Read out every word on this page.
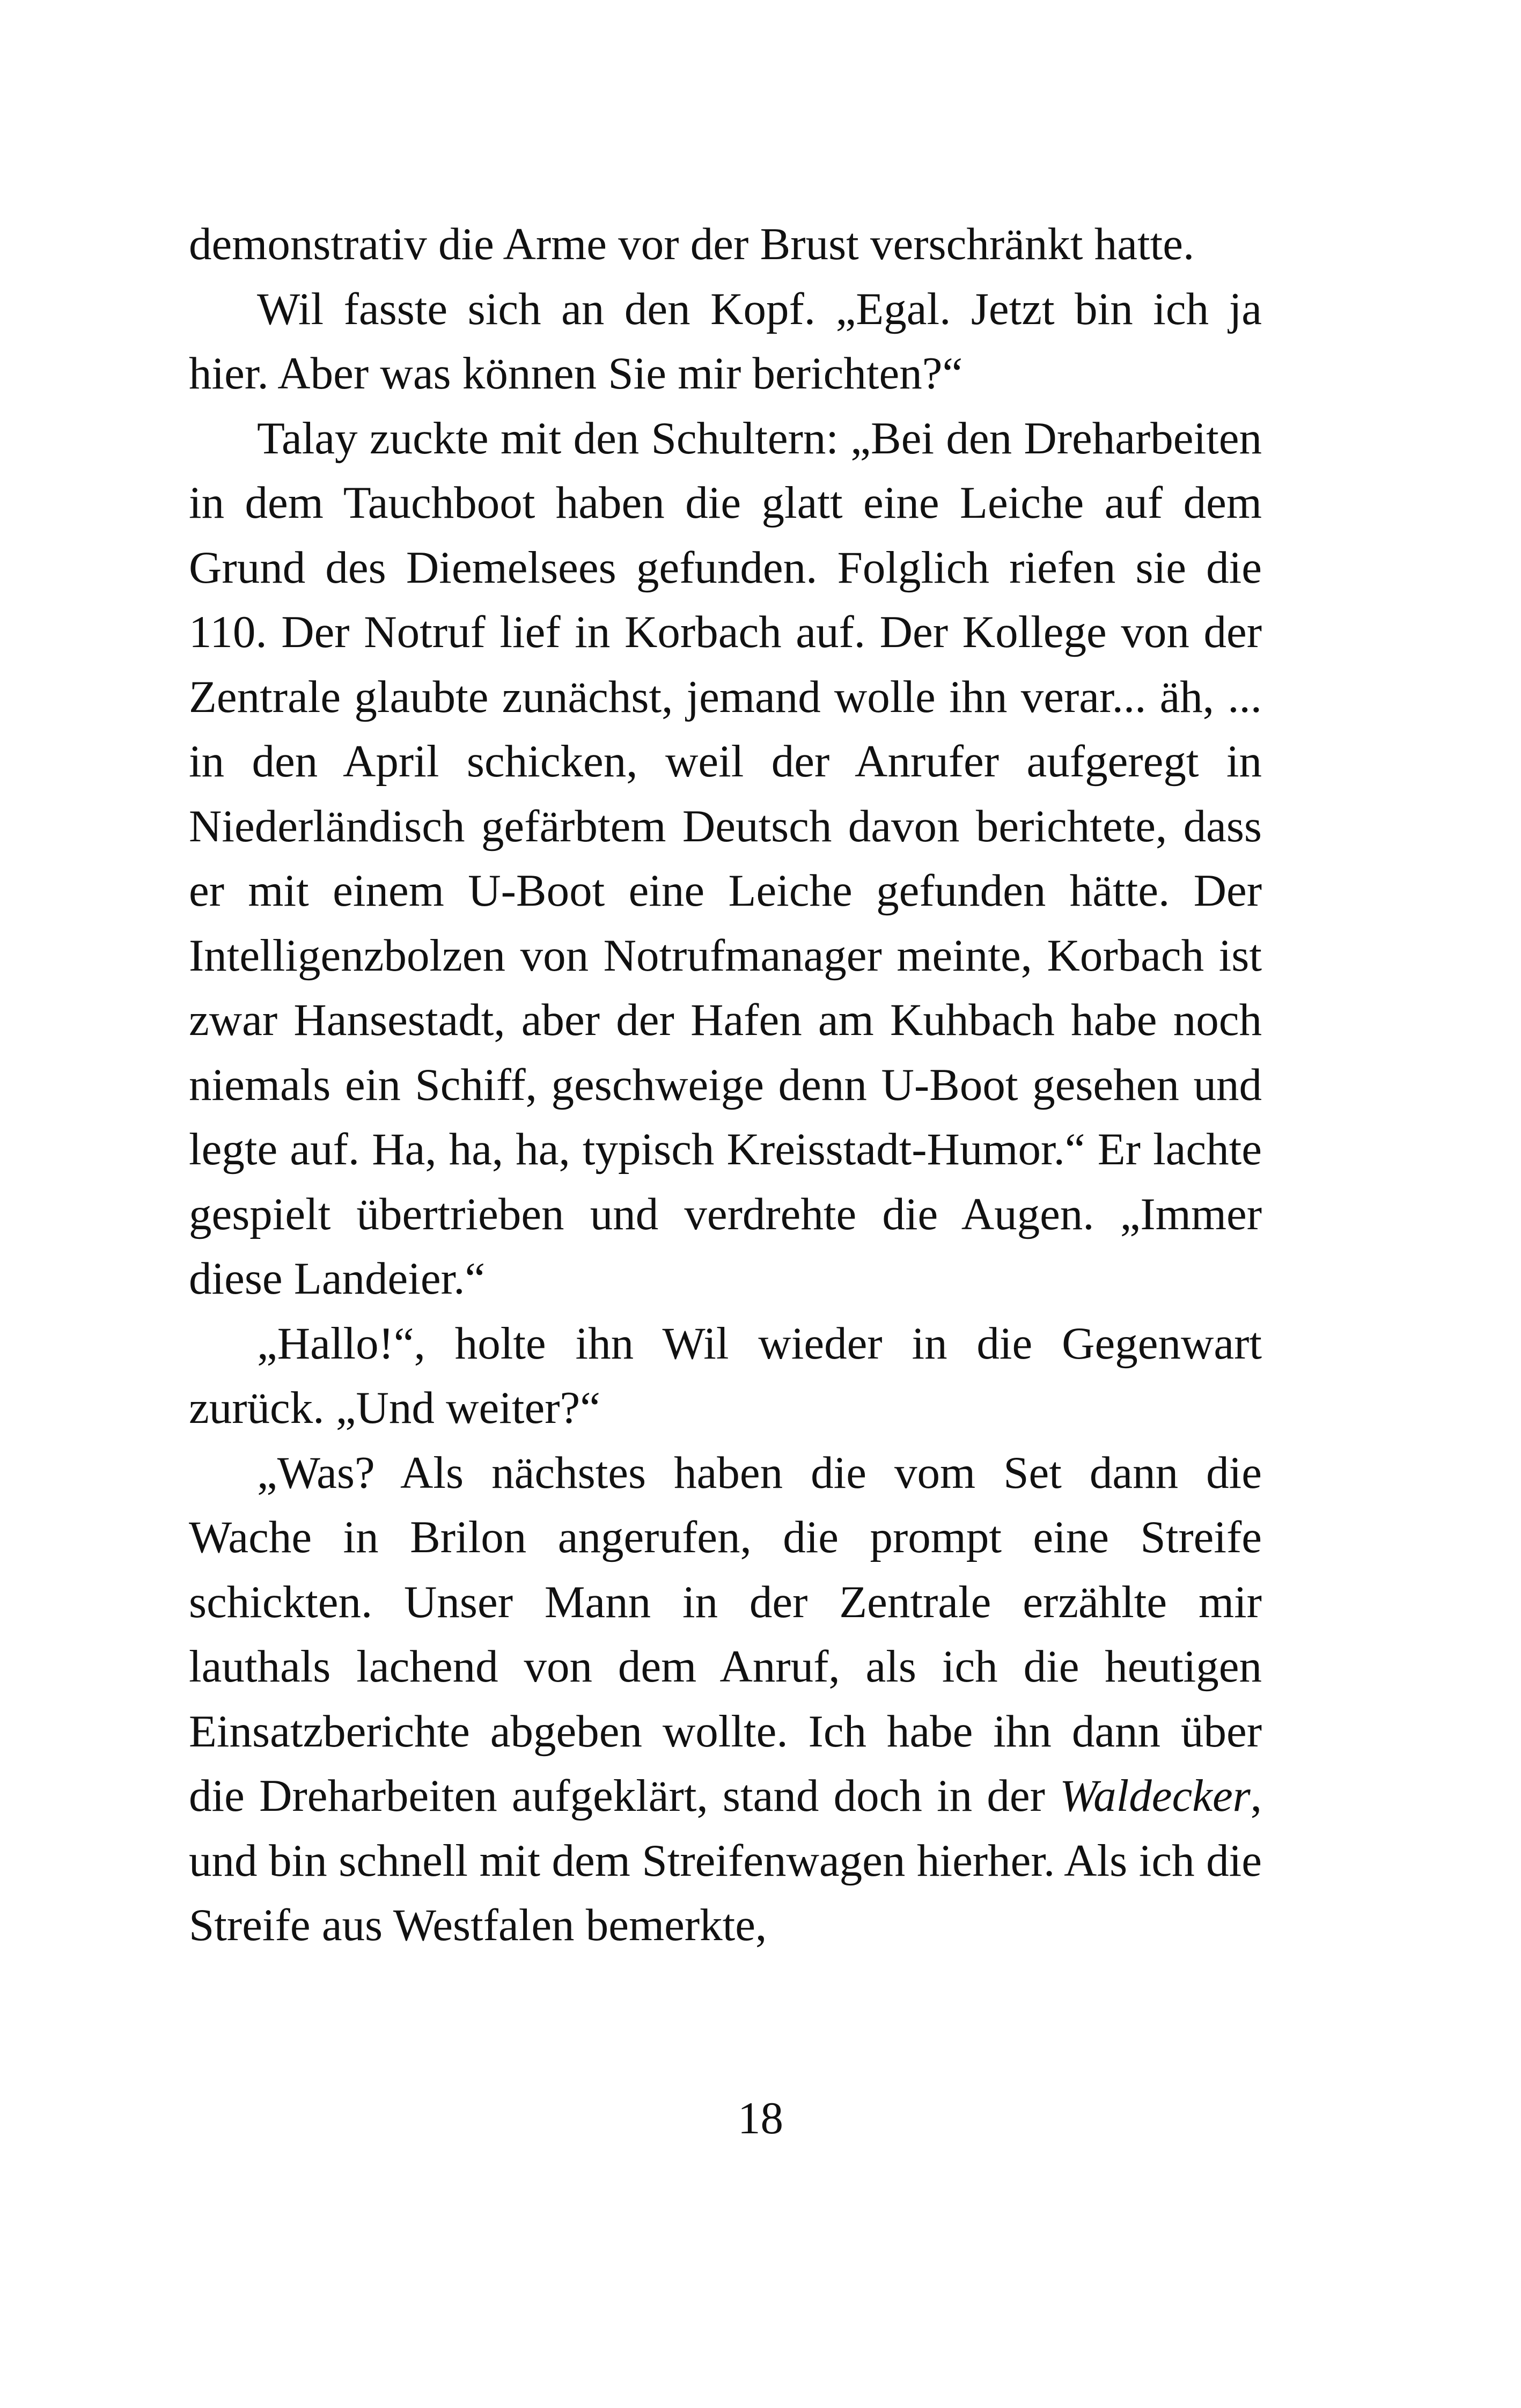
demonstrativ die Arme vor der Brust verschränkt hatte.

Wil fasste sich an den Kopf. „Egal. Jetzt bin ich ja hier. Aber was können Sie mir berichten?“

Talay zuckte mit den Schultern: „Bei den Dreharbeiten in dem Tauchboot haben die glatt eine Leiche auf dem Grund des Diemelsees gefunden. Folglich riefen sie die 110. Der Notruf lief in Korbach auf. Der Kollege von der Zentrale glaubte zunächst, jemand wolle ihn verar... äh, ... in den April schicken, weil der Anrufer aufgeregt in Niederländisch gefärbtem Deutsch davon berichtete, dass er mit einem U-Boot eine Leiche gefunden hätte. Der Intelligenzbolzen von Notrufmanager meinte, Korbach ist zwar Hansestadt, aber der Hafen am Kuhbach habe noch niemals ein Schiff, geschweige denn U-Boot gesehen und legte auf. Ha, ha, ha, typisch Kreisstadt-Humor.“ Er lachte gespielt übertrieben und verdrehte die Augen. „Immer diese Landeier.“

„Hallo!“, holte ihn Wil wieder in die Gegenwart zurück. „Und weiter?“

„Was? Als nächstes haben die vom Set dann die Wache in Brilon angerufen, die prompt eine Streife schickten. Unser Mann in der Zentrale erzählte mir lauthals lachend von dem Anruf, als ich die heutigen Einsatzberichte abgeben wollte. Ich habe ihn dann über die Dreharbeiten aufgeklärt, stand doch in der Waldecker, und bin schnell mit dem Streifenwagen hierher. Als ich die Streife aus Westfalen bemerkte,

18
